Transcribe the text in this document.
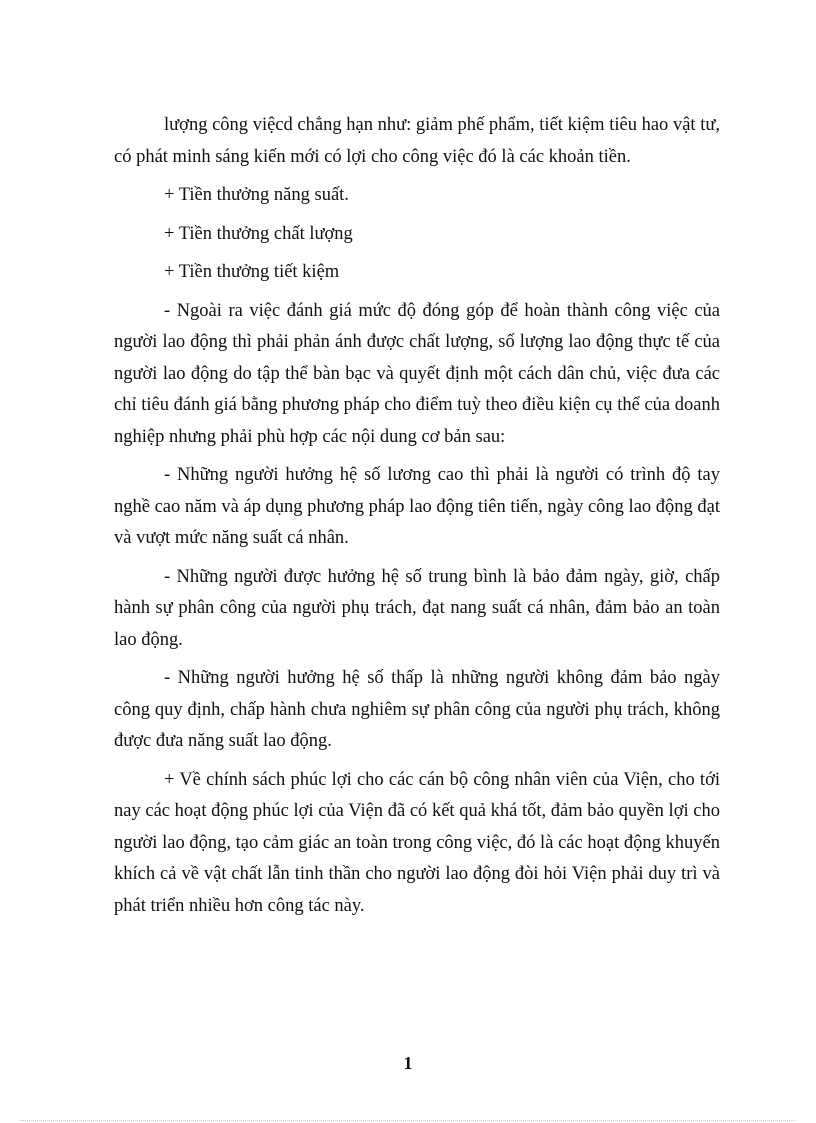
lượng công việcd chẳng hạn như: giảm phế phẩm, tiết kiệm tiêu hao vật tư, có phát minh sáng kiến mới có lợi cho công việc đó là các khoản tiền.

+ Tiền thưởng năng suất.

+ Tiền thưởng chất lượng

+ Tiền thưởng tiết kiệm

- Ngoài ra việc đánh giá mức độ đóng góp để hoàn thành công việc của người lao động thì phải phản ánh được chất lượng, số lượng lao động thực tế của người lao động do tập thể bàn bạc và quyết định một cách dân chủ, việc đưa các chỉ tiêu đánh giá bằng phương pháp cho điểm tuỳ theo điều kiện cụ thể của doanh nghiệp nhưng phải phù hợp các nội dung cơ bản sau:

- Những người hưởng hệ số lương cao thì phải là người có trình độ tay nghề cao năm và áp dụng phương pháp lao động tiên tiến, ngày công lao động đạt và vượt mức năng suất cá nhân.

- Những người được hưởng hệ số trung bình là bảo đảm ngày, giờ, chấp hành sự phân công của người phụ trách, đạt nang suất cá nhân, đảm bảo an toàn lao động.

- Những người hưởng hệ số thấp là những người không đảm bảo ngày công quy định, chấp hành chưa nghiêm sự phân công của người phụ trách, không được đưa năng suất lao động.

+ Về chính sách phúc lợi cho các cán bộ công nhân viên của Viện, cho tới nay các hoạt động phúc lợi của Viện đã có kết quả khá tốt, đảm bảo quyền lợi cho người lao động, tạo cảm giác an toàn trong công việc, đó là các hoạt động khuyến khích cả về vật chất lẫn tinh thần cho người lao động đòi hỏi Viện phải duy trì và phát triển nhiều hơn công tác này.

1
